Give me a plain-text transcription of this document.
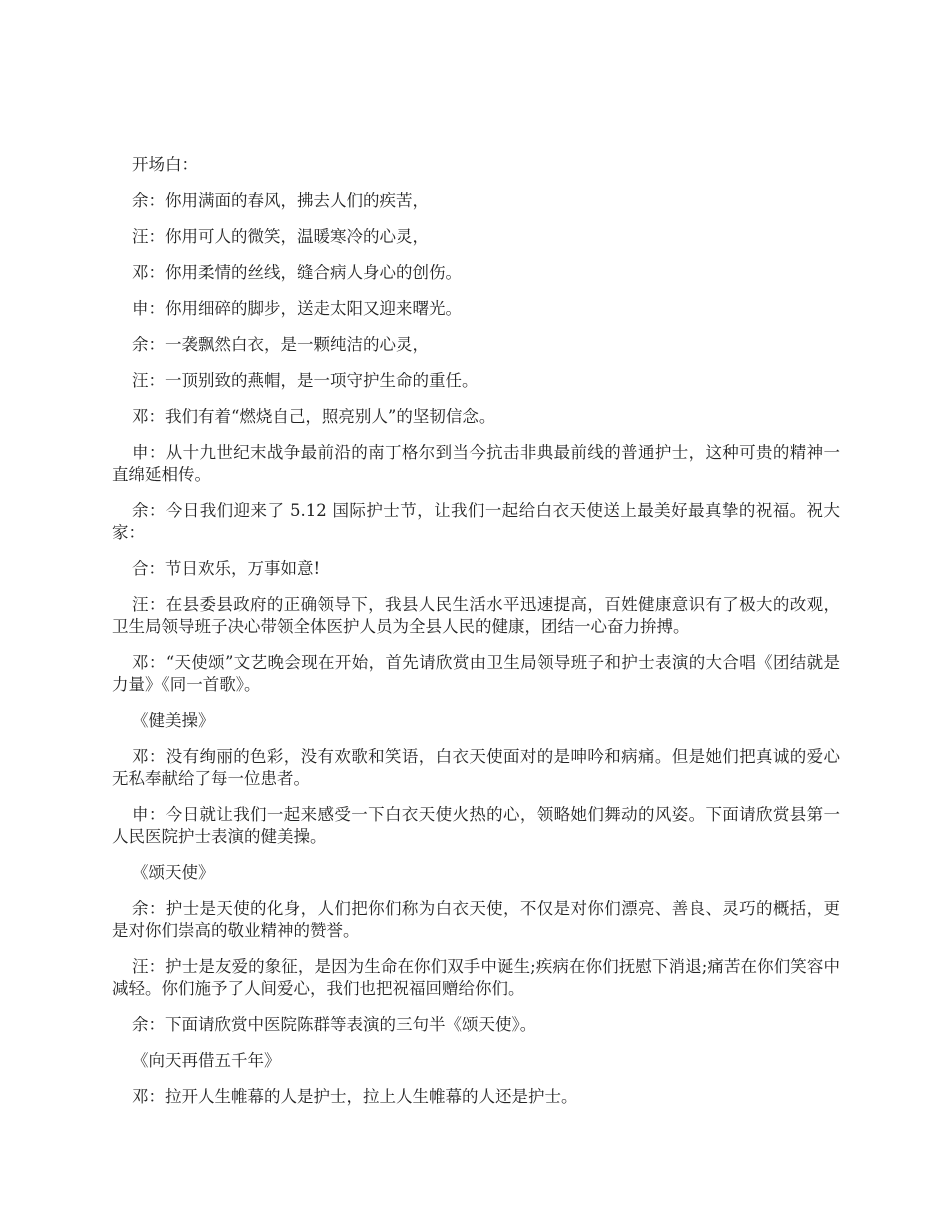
开场白：

余：你用满面的春风，拂去人们的疾苦，

汪：你用可人的微笑，温暖寒冷的心灵，

邓：你用柔情的丝线，缝合病人身心的创伤。

申：你用细碎的脚步，送走太阳又迎来曙光。

余：一袭飘然白衣，是一颗纯洁的心灵，

汪：一顶别致的燕帽，是一项守护生命的重任。

邓：我们有着“燃烧自己，照亮别人”的坚韧信念。

申：从十九世纪末战争最前沿的南丁格尔到当今抗击非典最前线的普通护士，这种可贵的精神一直绵延相传。

余：今日我们迎来了 5.12 国际护士节，让我们一起给白衣天使送上最美好最真挚的祝福。祝大家：

合：节日欢乐，万事如意!

汪：在县委县政府的正确领导下，我县人民生活水平迅速提高，百姓健康意识有了极大的改观，卫生局领导班子决心带领全体医护人员为全县人民的健康，团结一心奋力拚搏。

邓：“天使颂”文艺晚会现在开始，首先请欣赏由卫生局领导班子和护士表演的大合唱《团结就是力量》《同一首歌》。

《健美操》

邓：没有绚丽的色彩，没有欢歌和笑语，白衣天使面对的是呻吟和病痛。但是她们把真诚的爱心无私奉献给了每一位患者。

申：今日就让我们一起来感受一下白衣天使火热的心，领略她们舞动的风姿。下面请欣赏县第一人民医院护士表演的健美操。

《颂天使》

余：护士是天使的化身，人们把你们称为白衣天使，不仅是对你们漂亮、善良、灵巧的概括，更是对你们崇高的敬业精神的赞誉。

汪：护士是友爱的象征，是因为生命在你们双手中诞生;疾病在你们抚慰下消退;痛苦在你们笑容中减轻。你们施予了人间爱心，我们也把祝福回赠给你们。

余：下面请欣赏中医院陈群等表演的三句半《颂天使》。

《向天再借五千年》

邓：拉开人生帷幕的人是护士，拉上人生帷幕的人还是护士。
